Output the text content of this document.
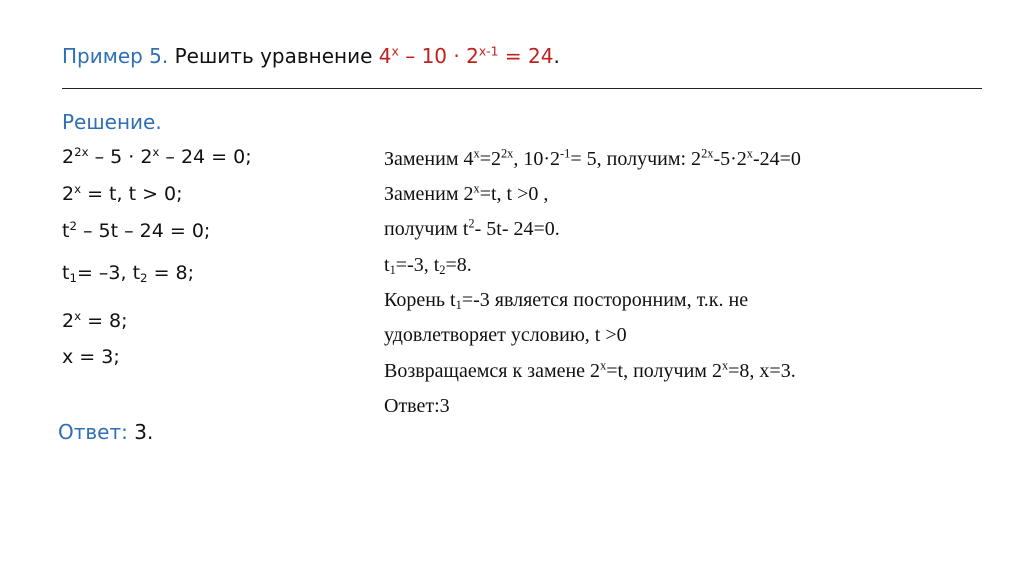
Пример 5. Решить уравнение $4^x - 10 \cdot 2^{x-1} = 24$.
Решение.
$2^{2x} - 5 \cdot 2^x - 24 = 0$;
$2^x = t$, t > 0;
$t^2 - 5t - 24 = 0$;
$t_1= -3$, $t_2 = 8$;
$2^x = 8$;
x = 3;
Ответ: 3.
Заменим $4^x=2^{2x}$, $10\cdot 2^{-1}= 5$, получим: $2^{2x}-5\cdot 2^x-24=0$
Заменим $2^x=t$, t >0 ,
получим $t^2-$ 5t- 24=0.
$t_1=-3$, $t_2=8$.
Корень $t_1=-3$ является посторонним, т.к. не
удовлетворяет условию, t >0
Возвращаемся к замене $2^x=t$, получим $2^x=8$, x=3.
Ответ:3
